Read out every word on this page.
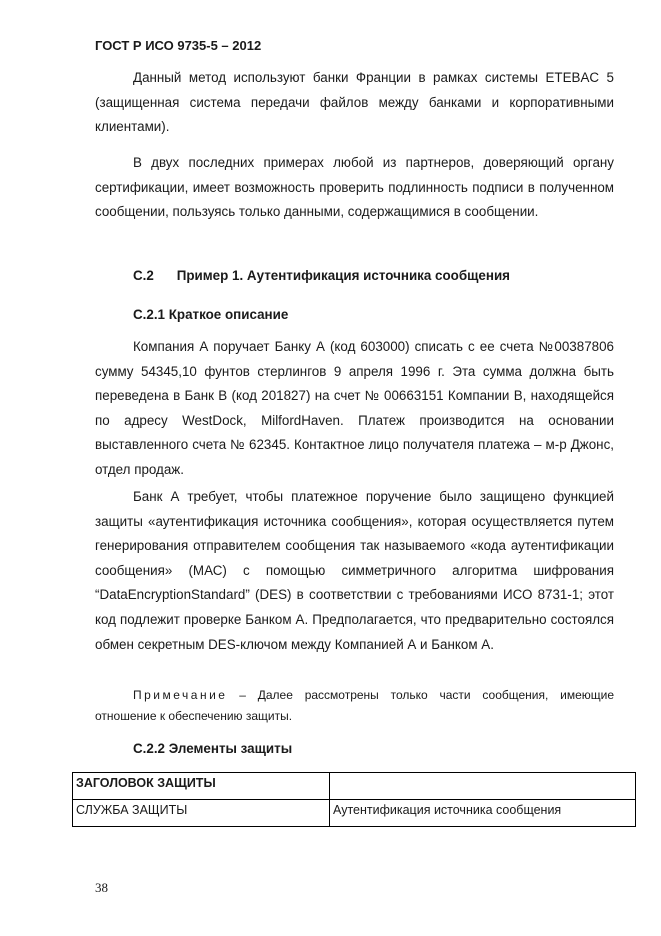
ГОСТ Р ИСО 9735-5 – 2012
Данный метод используют банки Франции в рамках системы ETEBAC 5 (защищенная система передачи файлов между банками и корпоративными клиентами).
В двух последних примерах любой из партнеров, доверяющий органу сертификации, имеет возможность проверить подлинность подписи в полученном сообщении, пользуясь только данными, содержащимися в сообщении.
С.2 Пример 1. Аутентификация источника сообщения
С.2.1 Краткое описание
Компания А поручает Банку А (код 603000) списать с ее счета №00387806 сумму 54345,10 фунтов стерлингов 9 апреля 1996 г. Эта сумма должна быть переведена в Банк В (код 201827) на счет № 00663151 Компании В, находящейся по адресу WestDock, MilfordHaven. Платеж производится на основании выставленного счета № 62345. Контактное лицо получателя платежа – м-р Джонс, отдел продаж.
Банк А требует, чтобы платежное поручение было защищено функцией защиты «аутентификация источника сообщения», которая осуществляется путем генерирования отправителем сообщения так называемого «кода аутентификации сообщения» (МАС) с помощью симметричного алгоритма шифрования “DataEncryptionStandard” (DES) в соответствии с требованиями ИСО 8731-1; этот код подлежит проверке Банком А. Предполагается, что предварительно состоялся обмен секретным DES-ключом между Компанией А и Банком А.
Примечание – Далее рассмотрены только части сообщения, имеющие отношение к обеспечению защиты.
С.2.2 Элементы защиты
ЗАГОЛОВОК ЗАЩИТЫ	
СЛУЖБА ЗАЩИТЫ	Аутентификация источника сообщения
38
